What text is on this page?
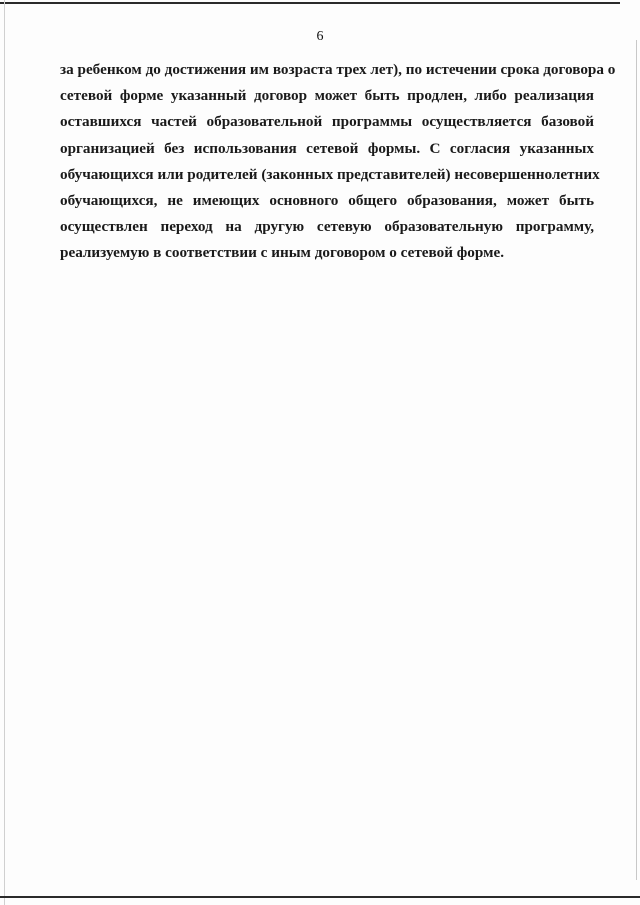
6
за ребенком до достижения им возраста трех лет), по истечении срока договора о
сетевой форме указанный договор может быть продлен, либо реализация
оставшихся частей образовательной программы осуществляется базовой
организацией без использования сетевой формы. С согласия указанных
обучающихся или родителей (законных представителей) несовершеннолетних
обучающихся, не имеющих основного общего образования, может быть
осуществлен переход на другую сетевую образовательную программу,
реализуемую в соответствии с иным договором о сетевой форме.
